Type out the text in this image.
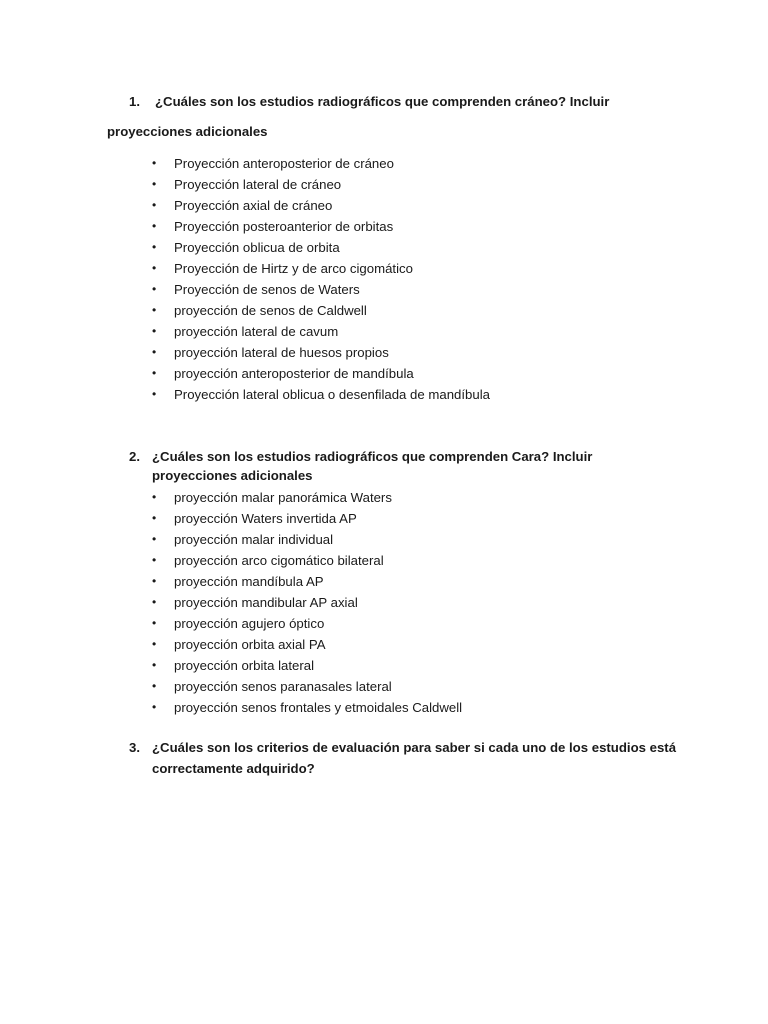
1.	¿Cuáles son los estudios radiográficos que comprenden cráneo? Incluir
proyecciones adicionales
• Proyección anteroposterior de cráneo
• Proyección lateral de cráneo
• Proyección axial de cráneo
• Proyección posteroanterior de orbitas
• Proyección oblicua de orbita
• Proyección de Hirtz y de arco cigomático
• Proyección de senos de Waters
• proyección de senos de Caldwell
• proyección lateral de cavum
• proyección lateral de huesos propios
• proyección anteroposterior de mandíbula
• Proyección lateral oblicua o desenfilada de mandíbula
2. ¿Cuáles son los estudios radiográficos que comprenden Cara? Incluir
proyecciones adicionales
• proyección malar panorámica Waters
• proyección Waters invertida AP
• proyección malar individual
• proyección arco cigomático bilateral
• proyección mandíbula AP
• proyección mandibular AP axial
• proyección agujero óptico
• proyección orbita axial PA
• proyección orbita lateral
• proyección senos paranasales lateral
• proyección senos frontales y etmoidales Caldwell
3. ¿Cuáles son los criterios de evaluación para saber si cada uno de los estudios está
correctamente adquirido?
